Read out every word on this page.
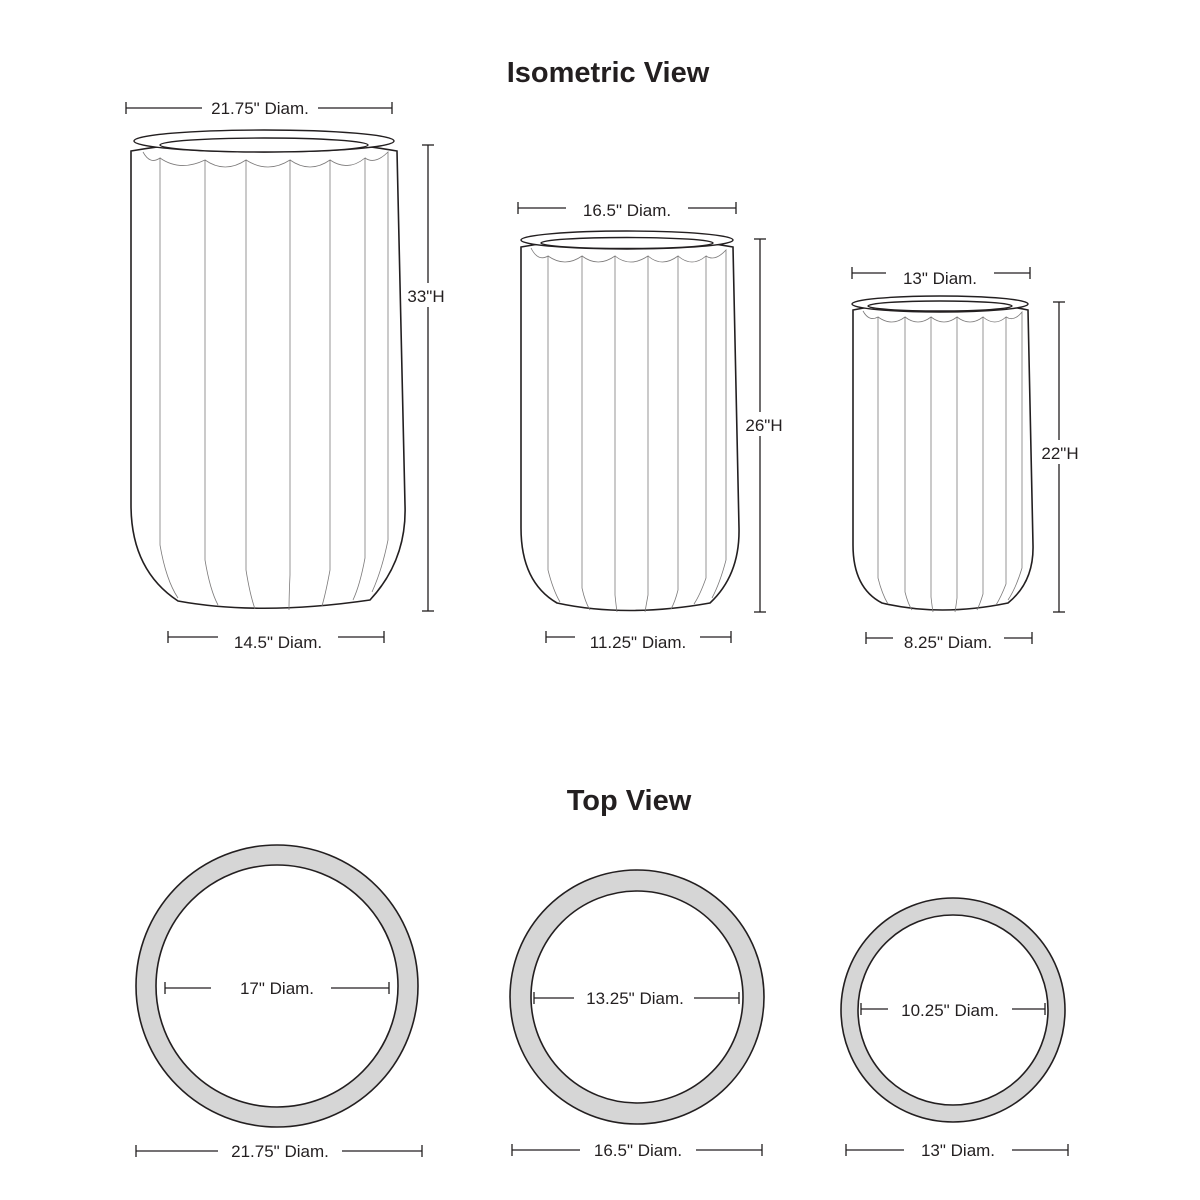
Isometric View
Top View
21.75" Diam.
33"H
14.5" Diam.
16.5" Diam.
26"H
11.25" Diam.
13" Diam.
22"H
8.25" Diam.
17" Diam.
21.75" Diam.
13.25" Diam.
16.5" Diam.
10.25" Diam.
13" Diam.
